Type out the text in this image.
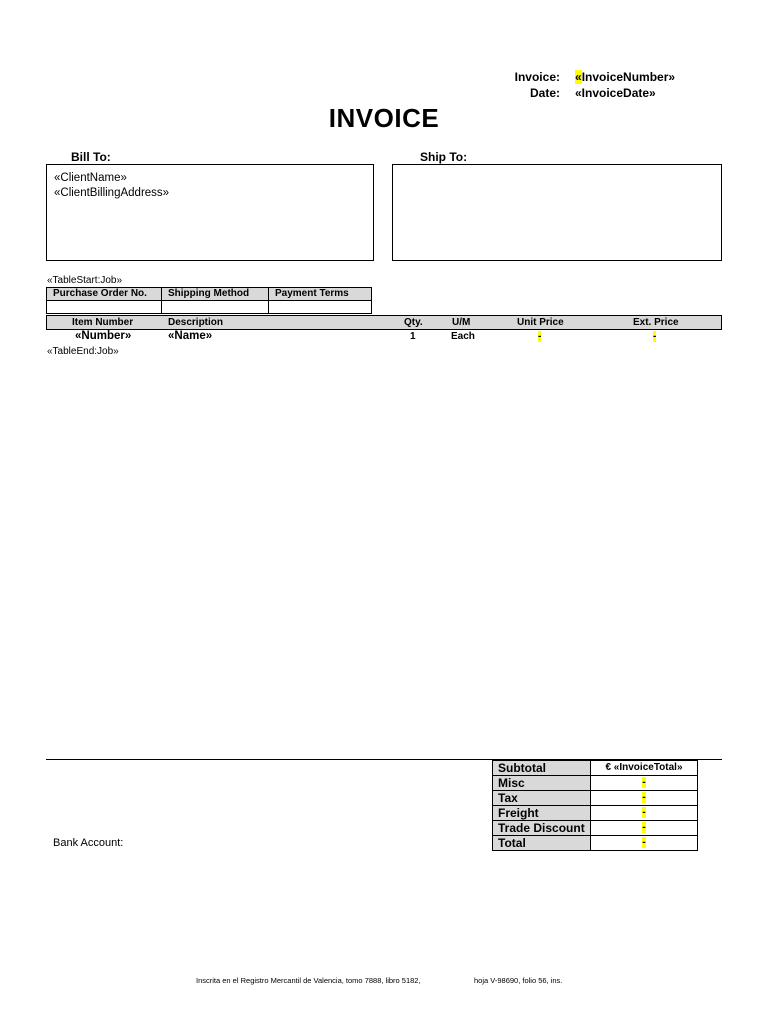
Invoice: «InvoiceNumber»
Date: «InvoiceDate»
INVOICE
Bill To:	Ship To:
«ClientName»
«ClientBillingAddress»
«TableStart:Job»
Purchase Order No.	Shipping Method	Payment Terms

Item Number	Description	Qty.	U/M	Unit Price	Ext. Price
«Number»	«Name»	1	Each	-	-
«TableEnd:Job»
Subtotal	€ «InvoiceTotal»
Misc	-
Tax	-
Freight	-
Trade Discount	-
Total	-
Bank Account:
Inscrita en el Registro Mercantil de Valencia, tomo 7888, libro 5182,	hoja V-98690, folio 56, ins.
